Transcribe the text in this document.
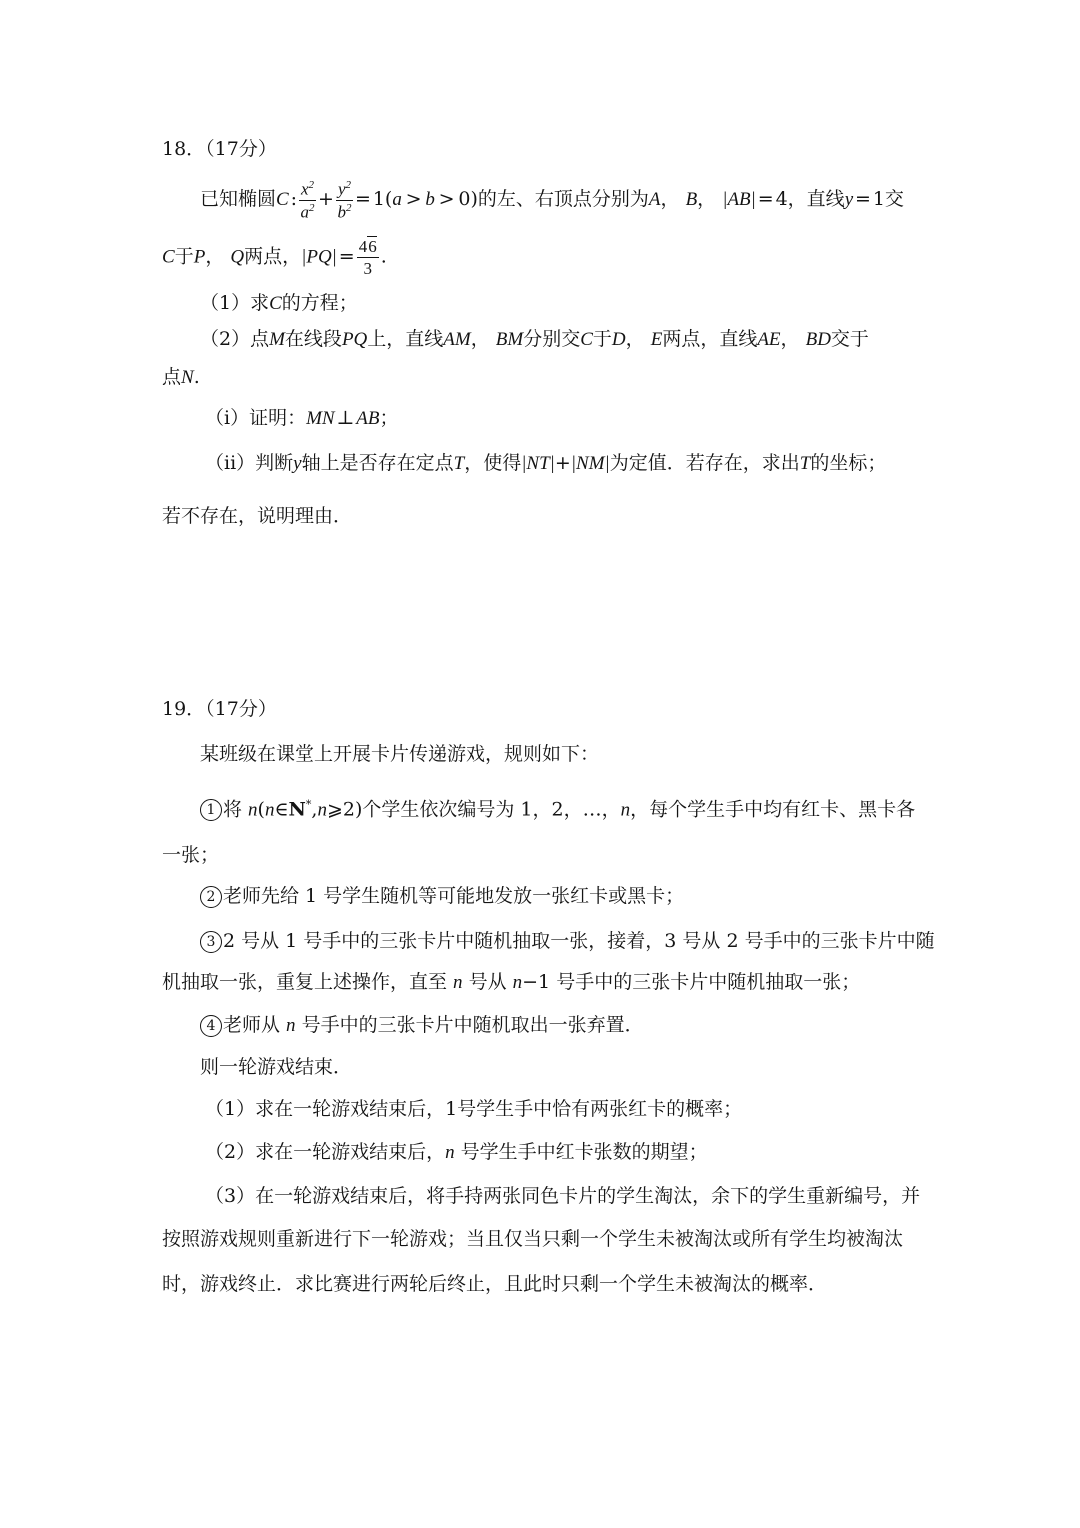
18．（17分）
已知椭圆C : $\frac{x^2}{a^2} + \frac{y^2}{b^2}$ = 1(a > b > 0)的左、右顶点分别为A， B， |AB| = 4，直线y = 1交
C于P， Q两点，|PQ| = $\frac{46}{3}$ .
（1）求C的方程；
（2）点M在线段PQ上，直线AM， BM分别交C于D， E两点，直线AE， BD交于
点N.
（i）证明：MN ⊥ AB；
（ii）判断y轴上是否存在定点T，使得|NT|+|NM|为定值．若存在，求出T的坐标；
若不存在，说明理由．
19．（17分）
某班级在课堂上开展卡片传递游戏，规则如下：
1 将 n(n∈N*,n⩾2)个学生依次编号为 1，2，…，n，每个学生手中均有红卡、黑卡各
一张；
2 老师先给 1 号学生随机等可能地发放一张红卡或黑卡；
3 2 号从 1 号手中的三张卡片中随机抽取一张，接着，3 号从 2 号手中的三张卡片中随
机抽取一张，重复上述操作，直至 n 号从 n−1 号手中的三张卡片中随机抽取一张；
4 老师从 n 号手中的三张卡片中随机取出一张弃置．
则一轮游戏结束．
（1）求在一轮游戏结束后，1号学生手中恰有两张红卡的概率；
（2）求在一轮游戏结束后，n 号学生手中红卡张数的期望；
（3）在一轮游戏结束后，将手持两张同色卡片的学生淘汰，余下的学生重新编号，并
按照游戏规则重新进行下一轮游戏；当且仅当只剩一个学生未被淘汰或所有学生均被淘汰
时，游戏终止．求比赛进行两轮后终止，且此时只剩一个学生未被淘汰的概率．
